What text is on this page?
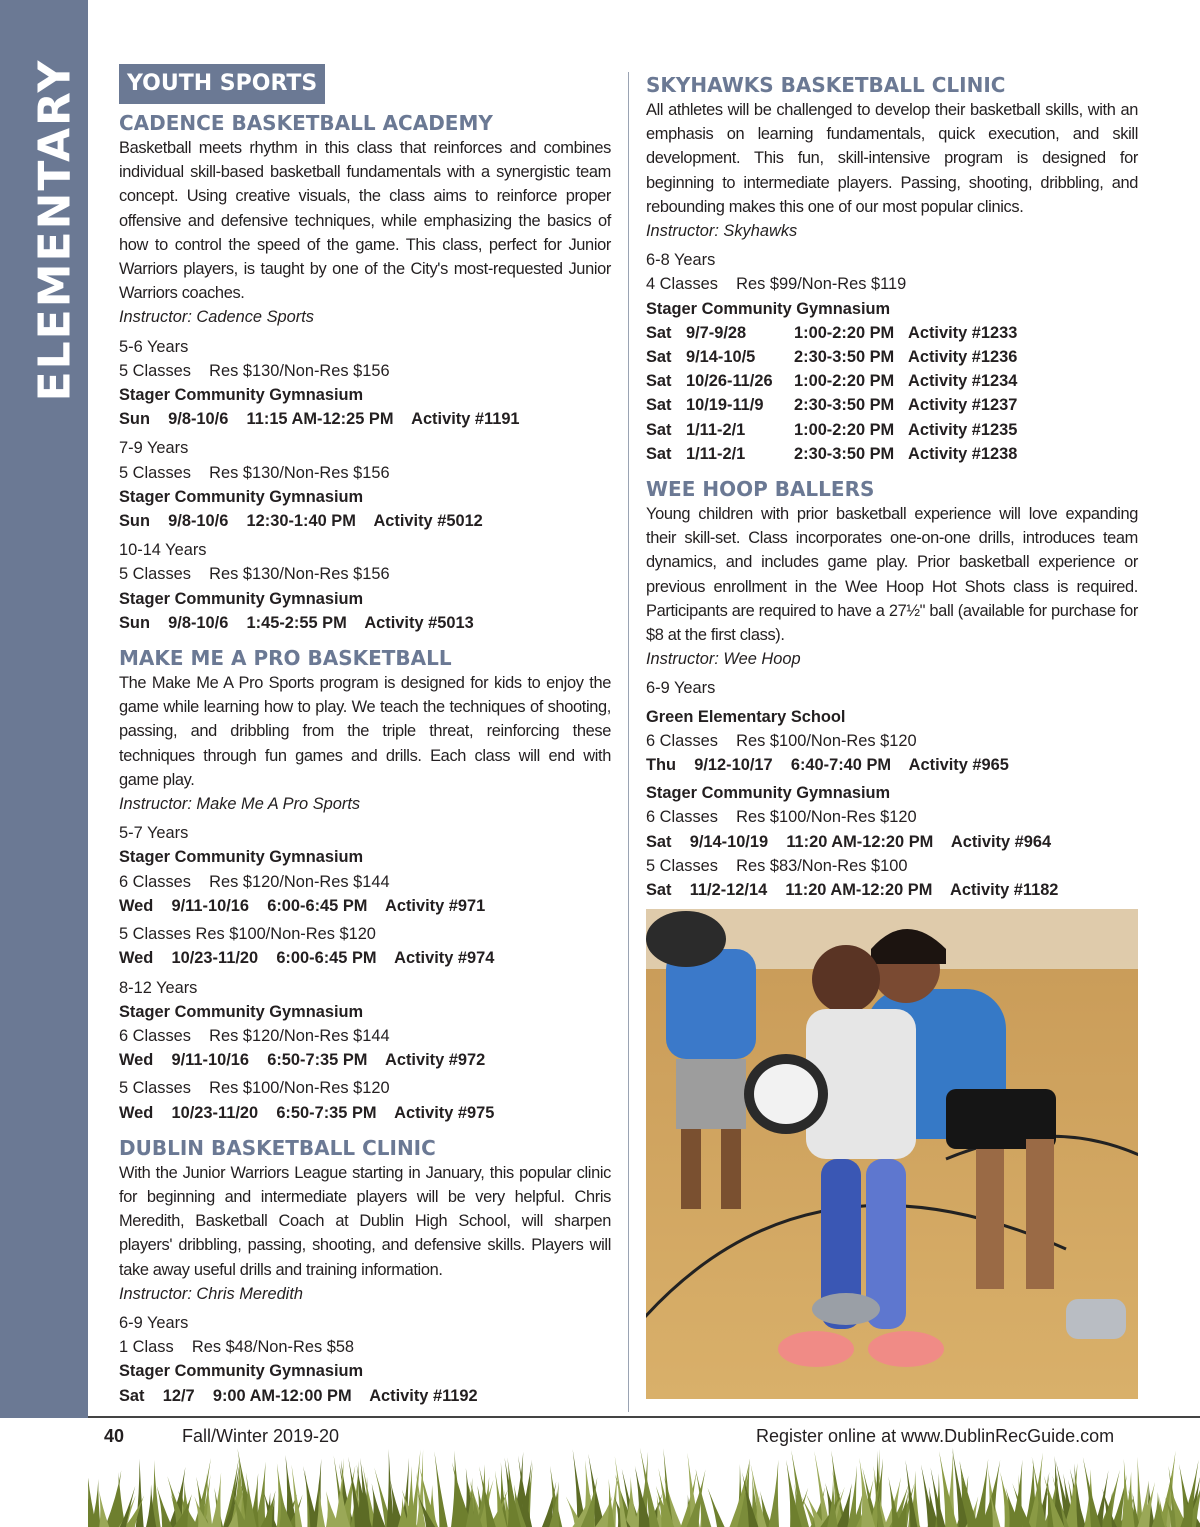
ELEMENTARY	YOUTH SPORTS
CADENCE BASKETBALL ACADEMY
Basketball meets rhythm in this class that reinforces and combines individual skill-based basketball fundamentals with a synergistic team concept. Using creative visuals, the class aims to reinforce proper offensive and defensive techniques, while emphasizing the basics of how to control the speed of the game. This class, perfect for Junior Warriors players, is taught by one of the City's most-requested Junior Warriors coaches.
Instructor: Cadence Sports
5-6 Years
5 Classes    Res $130/Non-Res $156
Stager Community Gymnasium
Sun    9/8-10/6    11:15 AM-12:25 PM    Activity #1191
7-9 Years
5 Classes    Res $130/Non-Res $156
Stager Community Gymnasium
Sun    9/8-10/6    12:30-1:40 PM    Activity #5012
10-14 Years
5 Classes    Res $130/Non-Res $156
Stager Community Gymnasium
Sun    9/8-10/6    1:45-2:55 PM    Activity #5013
MAKE ME A PRO BASKETBALL
The Make Me A Pro Sports program is designed for kids to enjoy the game while learning how to play. We teach the techniques of shooting, passing, and dribbling from the triple threat, reinforcing these techniques through fun games and drills. Each class will end with game play.
Instructor: Make Me A Pro Sports
5-7 Years
Stager Community Gymnasium
6 Classes    Res $120/Non-Res $144
Wed    9/11-10/16    6:00-6:45 PM    Activity #971
5 Classes Res $100/Non-Res $120
Wed    10/23-11/20    6:00-6:45 PM    Activity #974
8-12 Years
Stager Community Gymnasium
6 Classes    Res $120/Non-Res $144
Wed    9/11-10/16    6:50-7:35 PM    Activity #972
5 Classes    Res $100/Non-Res $120
Wed    10/23-11/20    6:50-7:35 PM    Activity #975
DUBLIN BASKETBALL CLINIC
With the Junior Warriors League starting in January, this popular clinic for beginning and intermediate players will be very helpful. Chris Meredith, Basketball Coach at Dublin High School, will sharpen players' dribbling, passing, shooting, and defensive skills. Players will take away useful drills and training information.
Instructor: Chris Meredith
6-9 Years
1 Class    Res $48/Non-Res $58
Stager Community Gymnasium
Sat    12/7    9:00 AM-12:00 PM    Activity #1192
SKYHAWKS BASKETBALL CLINIC
All athletes will be challenged to develop their basketball skills, with an emphasis on learning fundamentals, quick execution, and skill development. This fun, skill-intensive program is designed for beginning to intermediate players. Passing, shooting, dribbling, and rebounding makes this one of our most popular clinics.
Instructor: Skyhawks
6-8 Years
4 Classes    Res $99/Non-Res $119
Stager Community Gymnasium
Sat	9/7-9/28	1:00-2:20 PM	Activity #1233
Sat	9/14-10/5	2:30-3:50 PM	Activity #1236
Sat	10/26-11/26	1:00-2:20 PM	Activity #1234
Sat	10/19-11/9	2:30-3:50 PM	Activity #1237
Sat	1/11-2/1	1:00-2:20 PM	Activity #1235
Sat	1/11-2/1	2:30-3:50 PM	Activity #1238
WEE HOOP BALLERS
Young children with prior basketball experience will love expanding their skill-set. Class incorporates one-on-one drills, introduces team dynamics, and includes game play. Prior basketball experience or previous enrollment in the Wee Hoop Hot Shots class is required. Participants are required to have a 27½" ball (available for purchase for $8 at the first class).
Instructor: Wee Hoop
6-9 Years
Green Elementary School
6 Classes    Res $100/Non-Res $120
Thu    9/12-10/17    6:40-7:40 PM    Activity #965
Stager Community Gymnasium
6 Classes    Res $100/Non-Res $120
Sat    9/14-10/19    11:20 AM-12:20 PM    Activity #964
5 Classes    Res $83/Non-Res $100
Sat    11/2-12/14    11:20 AM-12:20 PM    Activity #1182
40	Fall/Winter 2019-20	Register online at www.DublinRecGuide.com
